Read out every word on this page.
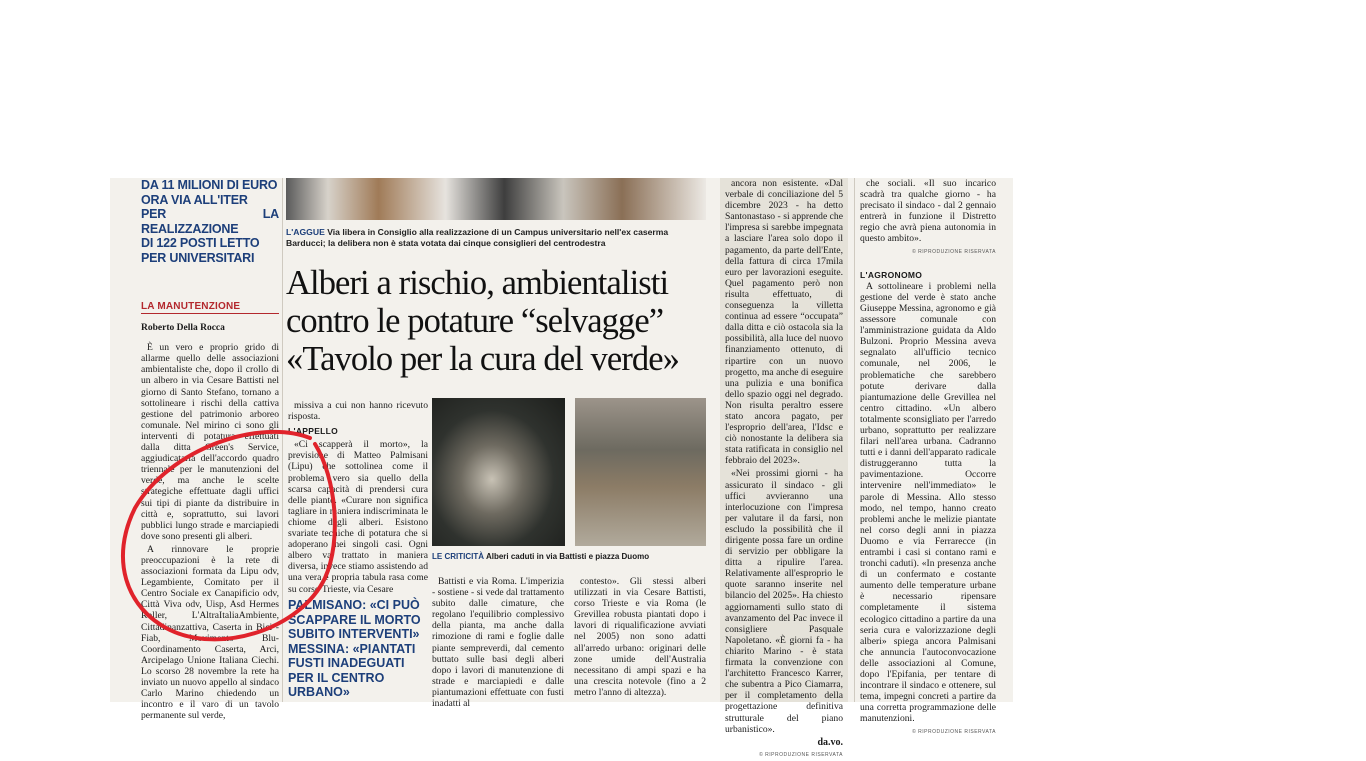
DA 11 MILIONI DI EURO
ORA VIA ALL'ITER
PER LA REALIZZAZIONE
DI 122 POSTI LETTO
PER UNIVERSITARI
LA MANUTENZIONE
Roberto Della Rocca

È un vero e proprio grido di allarme quello delle associazioni ambientaliste che, dopo il crollo di un albero in via Cesare Battisti nel giorno di Santo Stefano, tornano a sottolineare i rischi della cattiva gestione del patrimonio arboreo comunale. Nel mirino ci sono gli interventi di potatura effettuati dalla ditta Green's Service, aggiudicataria dell'accordo quadro triennale per le manutenzioni del verde, ma anche le scelte strategiche effettuate dagli uffici sui tipi di piante da distribuire in città e, soprattutto, sui lavori pubblici lungo strade e marciapiedi dove sono presenti gli alberi.

A rinnovare le proprie preoccupazioni è la rete di associazioni formata da Lipu odv, Legambiente, Comitato per il Centro Sociale ex Canapificio odv, Città Viva odv, Uisp, Asd Hermes Roller, L'AltraItaliaAmbiente, Cittadinanzattiva, Caserta in Bici - Fiab, Movimento Blu-Coordinamento Caserta, Arci, Arcipelago Unione Italiana Ciechi. Lo scorso 28 novembre la rete ha inviato un nuovo appello al sindaco Carlo Marino chiedendo un incontro e il varo di un tavolo permanente sul verde,

L'AGGUE Via libera in Consiglio alla realizzazione di un Campus universitario nell'ex caserma Barducci; la delibera non è stata votata dai cinque consiglieri del centrodestra
Alberi a rischio, ambientalisti
contro le potature “selvagge”
«Tavolo per la cura del verde»

missiva a cui non hanno ricevuto risposta.

L'APPELLO

«Ci scapperà il morto», la previsione di Matteo Palmisani (Lipu) che sottolinea come il problema vero sia quello della scarsa capacità di prendersi cura delle piante. «Curare non significa tagliare in maniera indiscriminata le chiome degli alberi. Esistono svariate tecniche di potatura che si adoperano nei singoli casi. Ogni albero va trattato in maniera diversa, invece stiamo assistendo ad una vera e propria tabula rasa come su corso Trieste, via Cesare

PALMISANO: «CI PUÒ
SCAPPARE IL MORTO
SUBITO INTERVENTI»
MESSINA: «PIANTATI
FUSTI INADEGUATI
PER IL CENTRO URBANO»
LE CRITICITÀ Alberi caduti in via Battisti e piazza Duomo

Battisti e via Roma. L'imperizia - sostiene - si vede dal trattamento subito dalle cimature, che regolano l'equilibrio complessivo della pianta, ma anche dalla rimozione di rami e foglie dalle piante sempreverdi, dal cemento buttato sulle basi degli alberi dopo i lavori di manutenzione di strade e marciapiedi e dalle piantumazioni effettuate con fusti inadatti al

contesto». Gli stessi alberi utilizzati in via Cesare Battisti, corso Trieste e via Roma (le Grevillea robusta piantati dopo i lavori di riqualificazione avviati nel 2005) non sono adatti all'arredo urbano: originari delle zone umide dell'Australia necessitano di ampi spazi e ha una crescita notevole (fino a 2 metro l'anno di altezza).

ancora non esistente. «Dal verbale di conciliazione del 5 dicembre 2023 - ha detto Santonastaso - si apprende che l'impresa si sarebbe impegnata a lasciare l'area solo dopo il pagamento, da parte dell'Ente, della fattura di circa 17mila euro per lavorazioni eseguite. Quel pagamento però non risulta effettuato, di conseguenza la villetta continua ad essere “occupata” dalla ditta e ciò ostacola sia la possibilità, alla luce del nuovo finanziamento ottenuto, di ripartire con un nuovo progetto, ma anche di eseguire una pulizia e una bonifica dello spazio oggi nel degrado. Non risulta peraltro essere stato ancora pagato, per l'esproprio dell'area, l'Idsc e ciò nonostante la delibera sia stata ratificata in consiglio nel febbraio del 2023».

«Nei prossimi giorni - ha assicurato il sindaco - gli uffici avvieranno una interlocuzione con l'impresa per valutare il da farsi, non escludo la possibilità che il dirigente possa fare un ordine di servizio per obbligare la ditta a ripulire l'area. Relativamente all'esproprio le quote saranno inserite nel bilancio del 2025». Ha chiesto aggiornamenti sullo stato di avanzamento del Pac invece il consigliere Pasquale Napoletano. «È giorni fa - ha chiarito Marino - è stata firmata la convenzione con l'architetto Francesco Karrer, che subentra a Pico Ciamarra, per il completamento della progettazione definitiva strutturale del piano urbanistico».

da.vo.
© RIPRODUZIONE RISERVATA

che sociali. «Il suo incarico scadrà tra qualche giorno - ha precisato il sindaco - dal 2 gennaio entrerà in funzione il Distretto regio che avrà piena autonomia in questo ambito».

© RIPRODUZIONE RISERVATA
L'AGRONOMO

A sottolineare i problemi nella gestione del verde è stato anche Giuseppe Messina, agronomo e già assessore comunale con l'amministrazione guidata da Aldo Bulzoni. Proprio Messina aveva segnalato all'ufficio tecnico comunale, nel 2006, le problematiche che sarebbero potute derivare dalla piantumazione delle Grevillea nel centro cittadino. «Un albero totalmente sconsigliato per l'arredo urbano, soprattutto per realizzare filari nell'area urbana. Cadranno tutti e i danni dell'apparato radicale distruggeranno tutta la pavimentazione. Occorre intervenire nell'immediato» le parole di Messina. Allo stesso modo, nel tempo, hanno creato problemi anche le melizie piantate nel corso degli anni in piazza Duomo e via Ferrarecce (in entrambi i casi si contano rami e tronchi caduti). «In presenza anche di un confermato e costante aumento delle temperature urbane è necessario ripensare completamente il sistema ecologico cittadino a partire da una seria cura e valorizzazione degli alberi» spiega ancora Palmisani che annuncia l'autoconvocazione delle associazioni al Comune, dopo l'Epifania, per tentare di incontrare il sindaco e ottenere, sul tema, impegni concreti a partire da una corretta programmazione delle manutenzioni.

© RIPRODUZIONE RISERVATA
